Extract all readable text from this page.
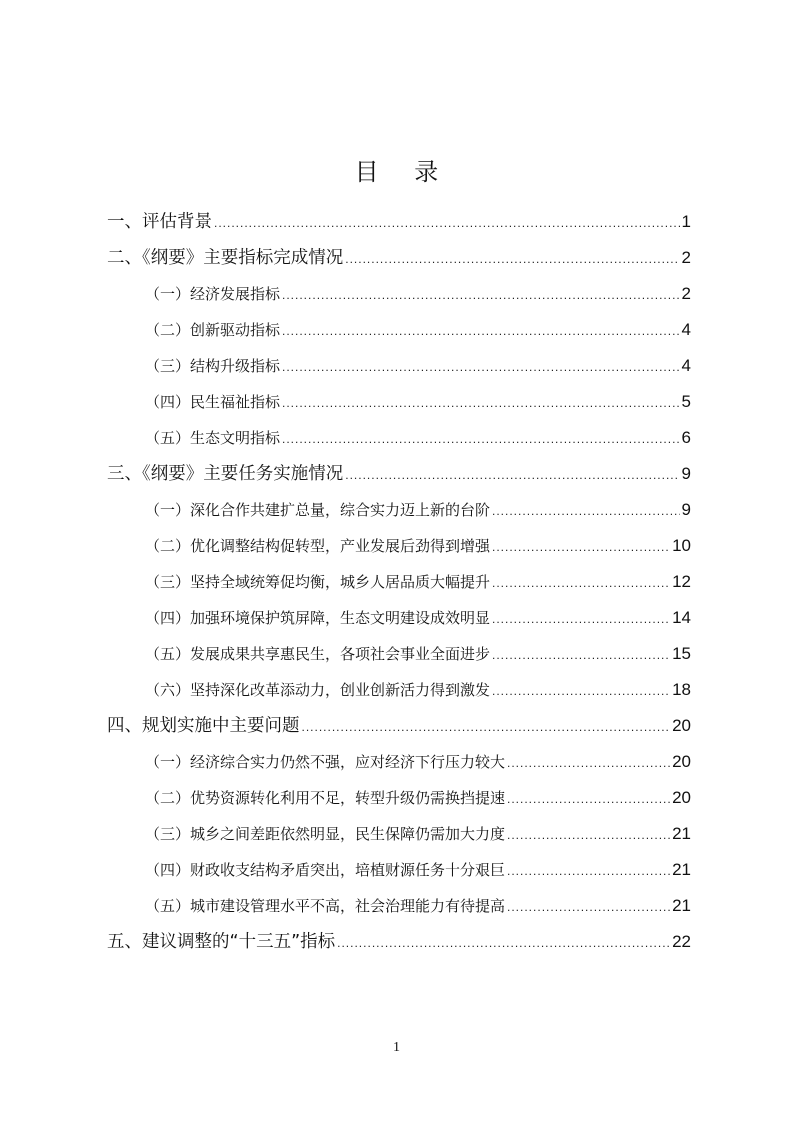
目 录
一、评估背景 .....	1
二、《纲要》主要指标完成情况 .....	2
（一）经济发展指标 .....	2
（二）创新驱动指标 .....	4
（三）结构升级指标 .....	4
（四）民生福祉指标 .....	5
（五）生态文明指标 .....	6
三、《纲要》主要任务实施情况 .....	9
（一）深化合作共建扩总量，综合实力迈上新的台阶 .....	9
（二）优化调整结构促转型，产业发展后劲得到增强 .....	10
（三）坚持全域统筹促均衡，城乡人居品质大幅提升 .....	12
（四）加强环境保护筑屏障，生态文明建设成效明显 .....	14
（五）发展成果共享惠民生，各项社会事业全面进步 .....	15
（六）坚持深化改革添动力，创业创新活力得到激发 .....	18
四、规划实施中主要问题 .....	20
（一）经济综合实力仍然不强，应对经济下行压力较大 .....	20
（二）优势资源转化利用不足，转型升级仍需换挡提速 .....	20
（三）城乡之间差距依然明显，民生保障仍需加大力度 .....	21
（四）财政收支结构矛盾突出，培植财源任务十分艰巨 .....	21
（五）城市建设管理水平不高，社会治理能力有待提高 .....	21
五、建议调整的“十三五”指标 .....	22
1
